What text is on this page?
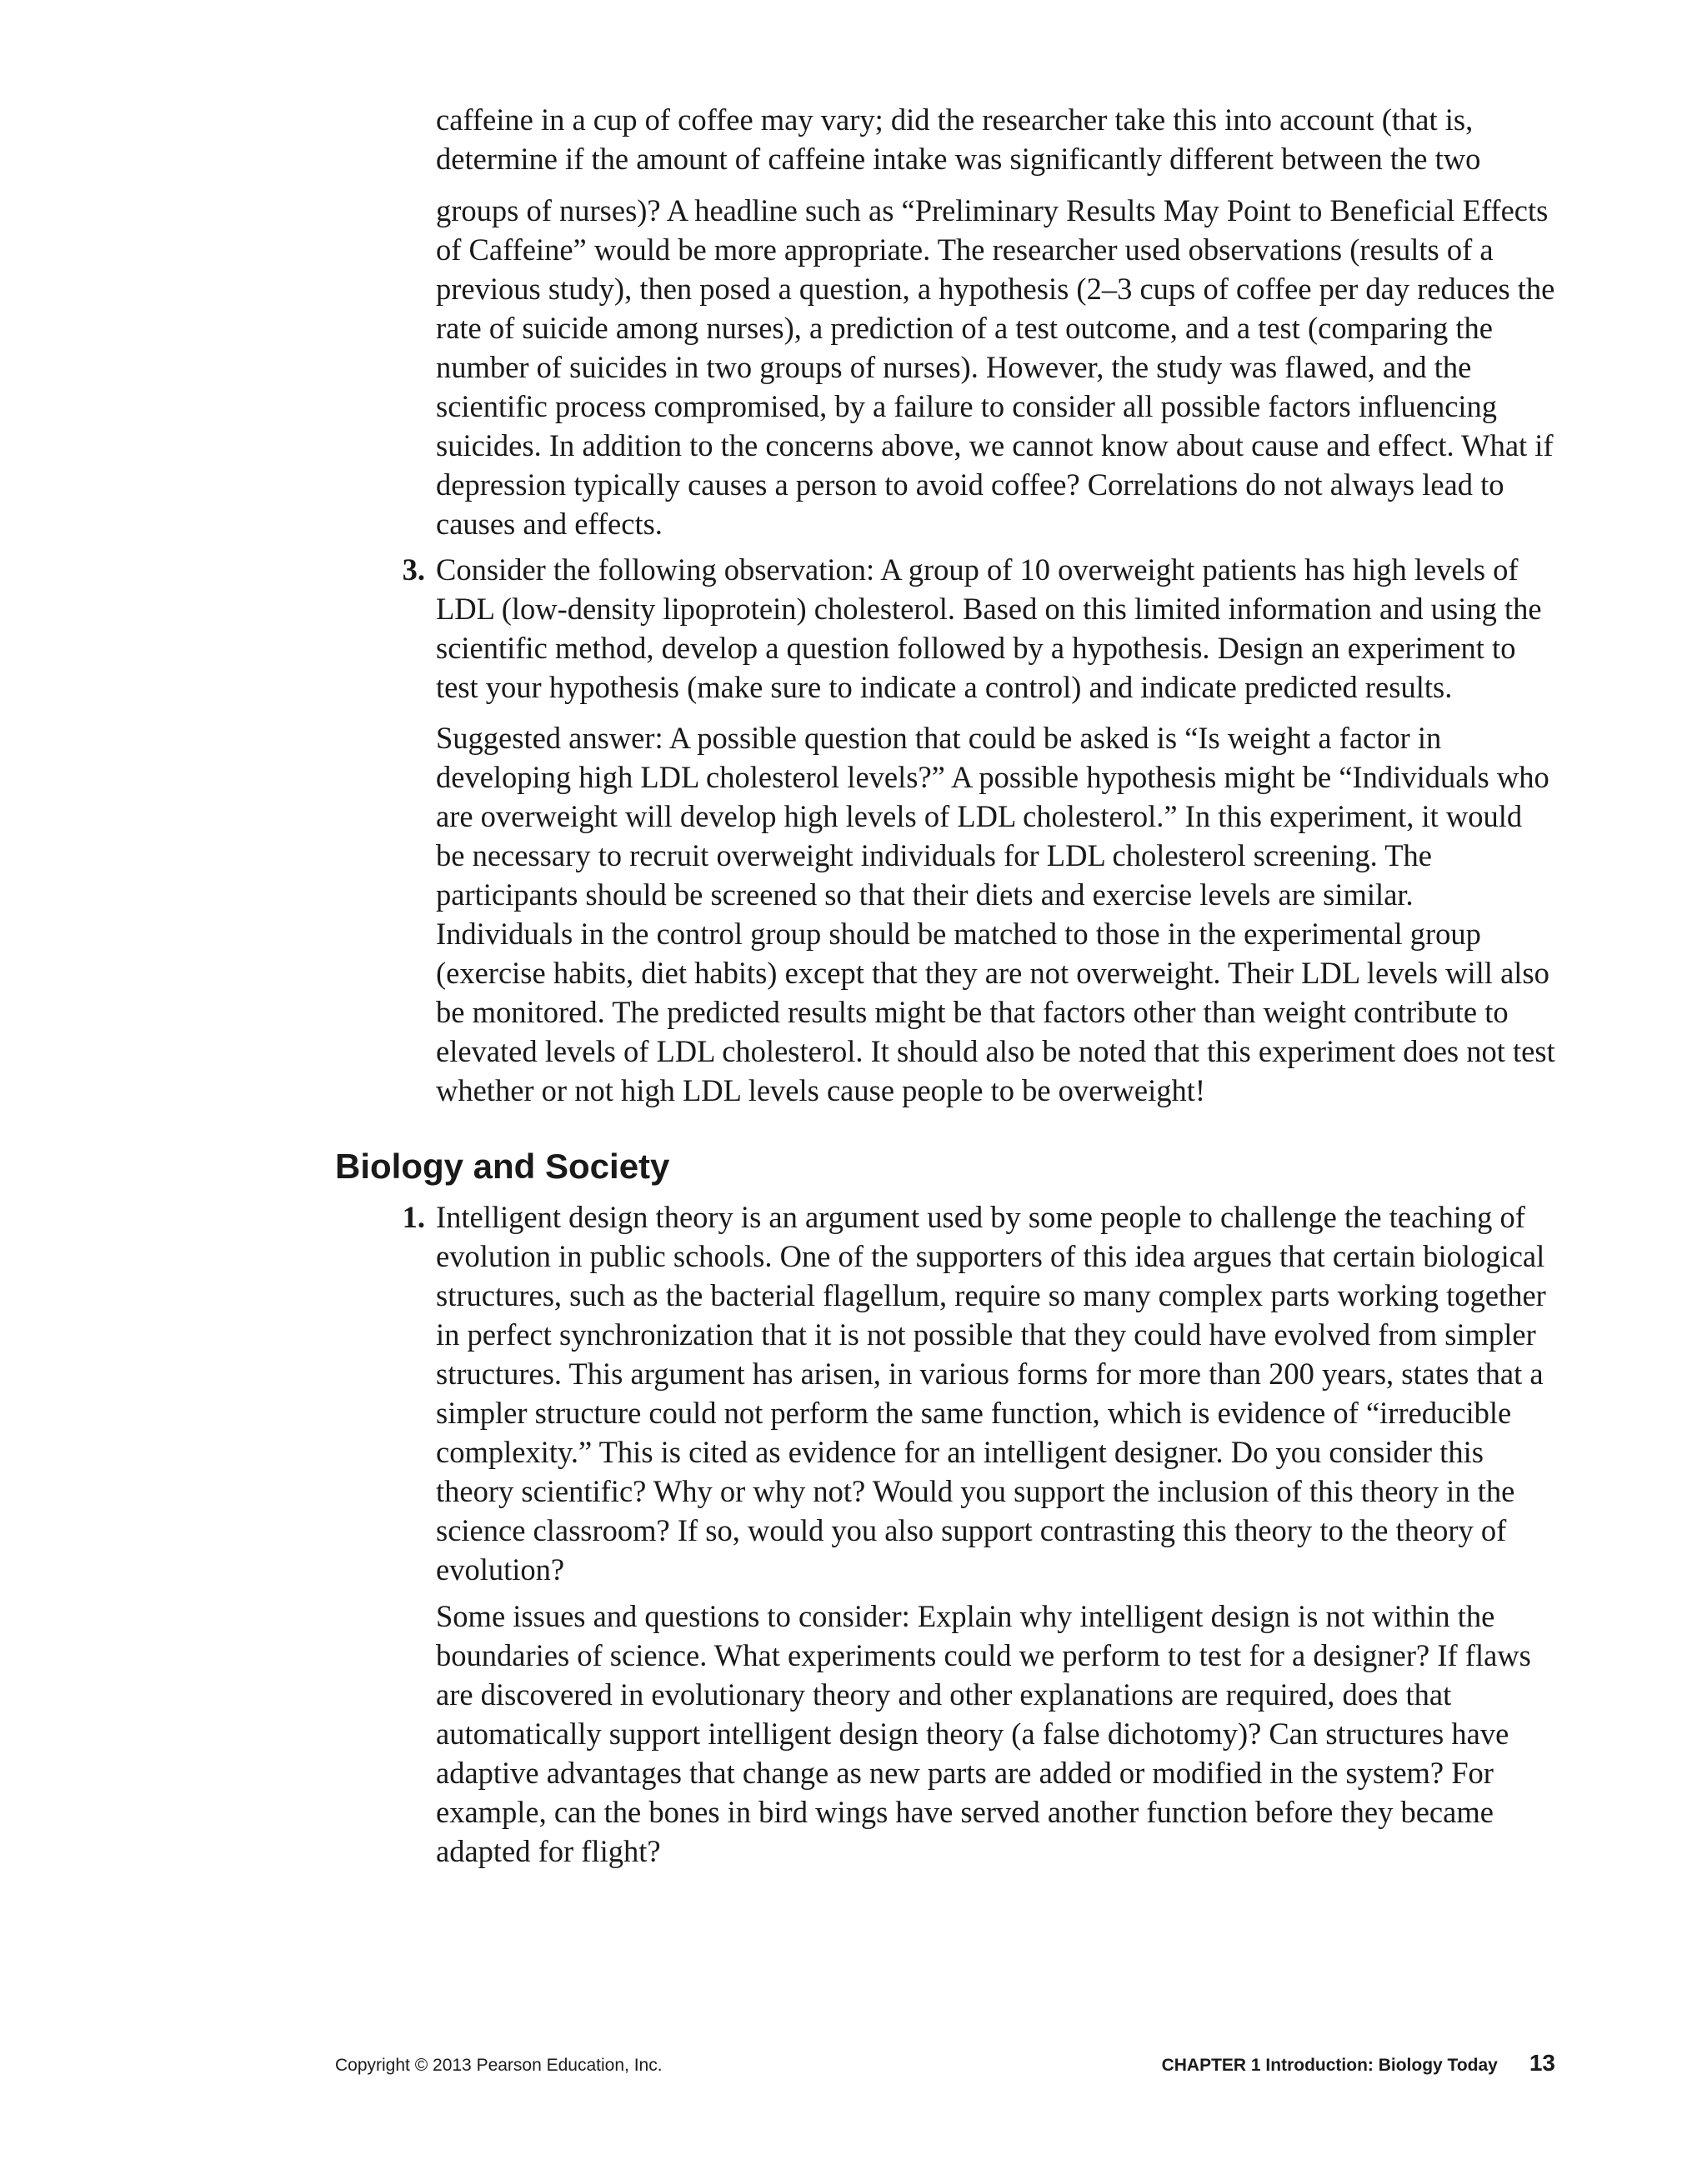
caffeine in a cup of coffee may vary; did the researcher take this into account (that is, determine if the amount of caffeine intake was significantly different between the two

groups of nurses)? A headline such as “Preliminary Results May Point to Beneficial Effects of Caffeine” would be more appropriate. The researcher used observations (results of a previous study), then posed a question, a hypothesis (2–3 cups of coffee per day reduces the rate of suicide among nurses), a prediction of a test outcome, and a test (comparing the number of suicides in two groups of nurses). However, the study was flawed, and the scientific process compromised, by a failure to consider all possible factors influencing suicides. In addition to the concerns above, we cannot know about cause and effect. What if depression typically causes a person to avoid coffee? Correlations do not always lead to causes and effects.

3. Consider the following observation: A group of 10 overweight patients has high levels of LDL (low-density lipoprotein) cholesterol. Based on this limited information and using the scientific method, develop a question followed by a hypothesis. Design an experiment to test your hypothesis (make sure to indicate a control) and indicate predicted results.

Suggested answer: A possible question that could be asked is “Is weight a factor in developing high LDL cholesterol levels?” A possible hypothesis might be “Individuals who are overweight will develop high levels of LDL cholesterol.” In this experiment, it would be necessary to recruit overweight individuals for LDL cholesterol screening. The participants should be screened so that their diets and exercise levels are similar. Individuals in the control group should be matched to those in the experimental group (exercise habits, diet habits) except that they are not overweight. Their LDL levels will also be monitored. The predicted results might be that factors other than weight contribute to elevated levels of LDL cholesterol. It should also be noted that this experiment does not test whether or not high LDL levels cause people to be overweight!

Biology and Society
1. Intelligent design theory is an argument used by some people to challenge the teaching of evolution in public schools. One of the supporters of this idea argues that certain biological structures, such as the bacterial flagellum, require so many complex parts working together in perfect synchronization that it is not possible that they could have evolved from simpler structures. This argument has arisen, in various forms for more than 200 years, states that a simpler structure could not perform the same function, which is evidence of “irreducible complexity.” This is cited as evidence for an intelligent designer. Do you consider this theory scientific? Why or why not? Would you support the inclusion of this theory in the science classroom? If so, would you also support contrasting this theory to the theory of evolution?

Some issues and questions to consider: Explain why intelligent design is not within the boundaries of science. What experiments could we perform to test for a designer? If flaws are discovered in evolutionary theory and other explanations are required, does that automatically support intelligent design theory (a false dichotomy)? Can structures have adaptive advantages that change as new parts are added or modified in the system? For example, can the bones in bird wings have served another function before they became adapted for flight?

Copyright © 2013 Pearson Education, Inc.	CHAPTER 1 Introduction: Biology Today 13
